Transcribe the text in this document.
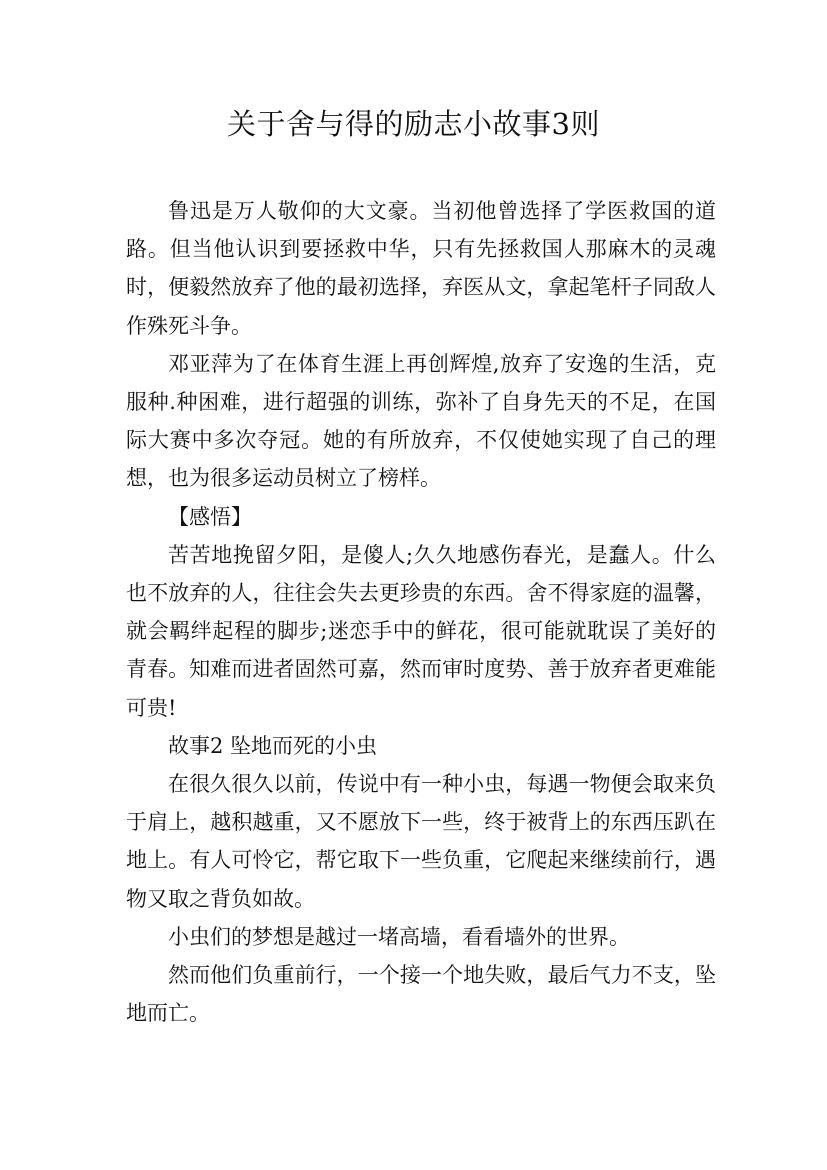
关于舍与得的励志小故事3则

鲁迅是万人敬仰的大文豪。当初他曾选择了学医救国的道路。但当他认识到要拯救中华，只有先拯救国人那麻木的灵魂时，便毅然放弃了他的最初选择，弃医从文，拿起笔杆子同敌人作殊死斗争。

邓亚萍为了在体育生涯上再创辉煌,放弃了安逸的生活，克服种.种困难，进行超强的训练，弥补了自身先天的不足，在国际大赛中多次夺冠。她的有所放弃，不仅使她实现了自己的理想，也为很多运动员树立了榜样。

【感悟】

苦苦地挽留夕阳，是傻人;久久地感伤春光，是蠢人。什么也不放弃的人，往往会失去更珍贵的东西。舍不得家庭的温馨，就会羁绊起程的脚步;迷恋手中的鲜花，很可能就耽误了美好的青春。知难而进者固然可嘉，然而审时度势、善于放弃者更难能可贵!

故事2 坠地而死的小虫

在很久很久以前，传说中有一种小虫，每遇一物便会取来负于肩上，越积越重，又不愿放下一些，终于被背上的东西压趴在地上。有人可怜它，帮它取下一些负重，它爬起来继续前行，遇物又取之背负如故。

小虫们的梦想是越过一堵高墙，看看墙外的世界。

然而他们负重前行，一个接一个地失败，最后气力不支，坠地而亡。
